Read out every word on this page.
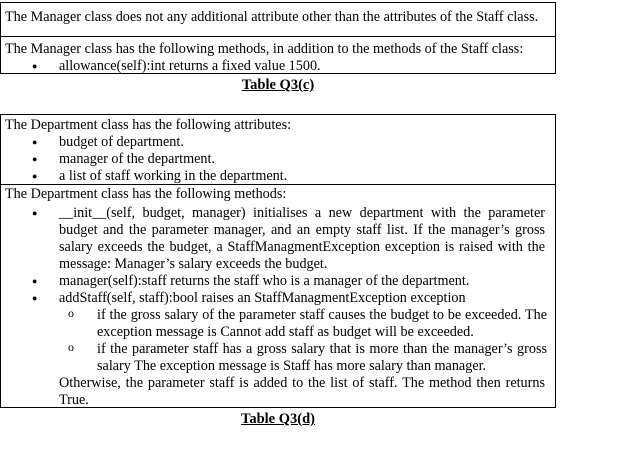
The Manager class does not any additional attribute other than the attributes of the Staff class.
The Manager class has the following methods, in addition to the methods of the Staff class:
● allowance(self):int returns a fixed value 1500.
Table Q3(c)
The Department class has the following attributes:
● budget of department.
● manager of the department.
● a list of staff working in the department.
The Department class has the following methods:
● __init__(self, budget, manager) initialises a new department with the parameter budget and the parameter manager, and an empty staff list. If the manager’s gross salary exceeds the budget, a StaffManagmentException exception is raised with the message: Manager’s salary exceeds the budget.
● manager(self):staff returns the staff who is a manager of the department.
● addStaff(self, staff):bool raises an StaffManagmentException exception
o if the gross salary of the parameter staff causes the budget to be exceeded. The exception message is Cannot add staff as budget will be exceeded.
o if the parameter staff has a gross salary that is more than the manager’s gross salary The exception message is Staff has more salary than manager.
Otherwise, the parameter staff is added to the list of staff. The method then returns True.
Table Q3(d)
